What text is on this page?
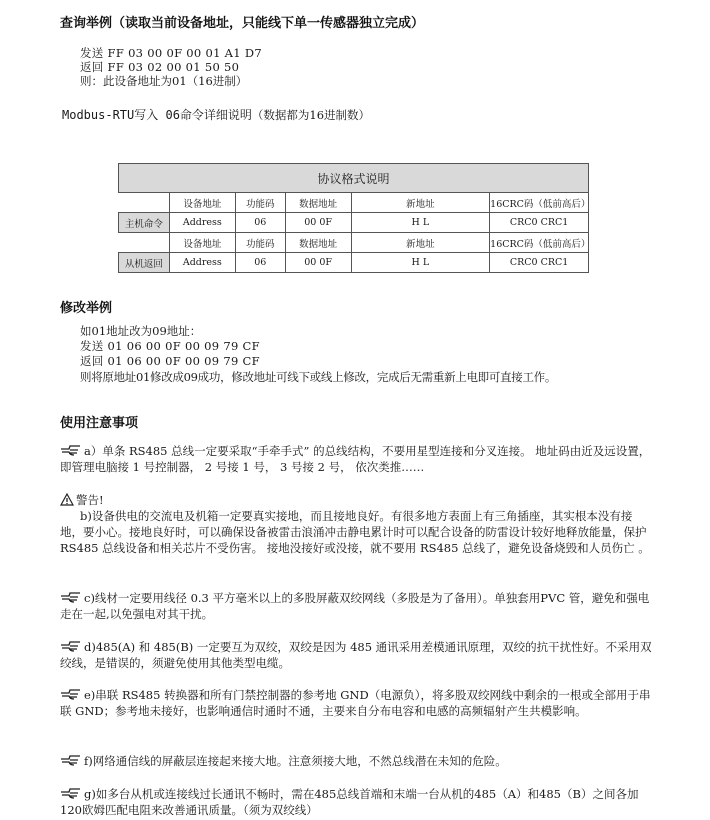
查询举例（读取当前设备地址，只能线下单一传感器独立完成）
发送 FF 03 00 0F 00 01 A1 D7
返回 FF 03 02 00 01 50 50
则：此设备地址为01（16进制）
Modbus-RTU写入 06命令详细说明（数据都为16进制数）
协议格式说明					
	设备地址	功能码	数据地址	新地址	16CRC码（低前高后）
主机命令	Address	06	00 0F	H L	CRC0 CRC1
	设备地址	功能码	数据地址	新地址	16CRC码（低前高后）
从机返回	Address	06	00 0F	H L	CRC0 CRC1
修改举例
如01地址改为09地址：
发送 01 06 00 0F 00 09 79 CF
返回 01 06 00 0F 00 09 79 CF
则将原地址01修改成09成功，修改地址可线下或线上修改，完成后无需重新上电即可直接工作。
使用注意事项
a）单条 RS485 总线一定要采取“手牵手式” 的总线结构，不要用星型连接和分叉连接。 地址码由近及远设置， 即管理电脑接 1 号控制器， 2 号接 1 号， 3 号接 2 号， 依次类推……
警告!
b)设备供电的交流电及机箱一定要真实接地，而且接地良好。有很多地方表面上有三角插座，其实根本没有接地，要小心。接地良好时，可以确保设备被雷击浪涌冲击静电累计时可以配合设备的防雷设计较好地释放能量，保护RS485 总线设备和相关芯片不受伤害。 接地没接好或没接，就不要用 RS485 总线了，避免设备烧毁和人员伤亡 。
c)线材一定要用线径 0.3 平方毫米以上的多股屏蔽双绞网线（多股是为了备用）。单独套用PVC 管，避免和强电走在一起,以免强电对其干扰。
d)485(A) 和 485(B) 一定要互为双绞，双绞是因为 485 通讯采用差模通讯原理，双绞的抗干扰性好。不采用双绞线，是错误的，须避免使用其他类型电缆。
e)串联 RS485 转换器和所有门禁控制器的参考地 GND（电源负），将多股双绞网线中剩余的一根或全部用于串联 GND；参考地未接好，也影响通信时通时不通，主要来自分布电容和电感的高频辐射产生共模影响。
f)网络通信线的屏蔽层连接起来接大地。注意须接大地，不然总线潜在未知的危险。
g)如多台从机或连接线过长通讯不畅时，需在485总线首端和末端一台从机的485（A）和485（B）之间各加120欧姆匹配电阻来改善通讯质量。（须为双绞线）
